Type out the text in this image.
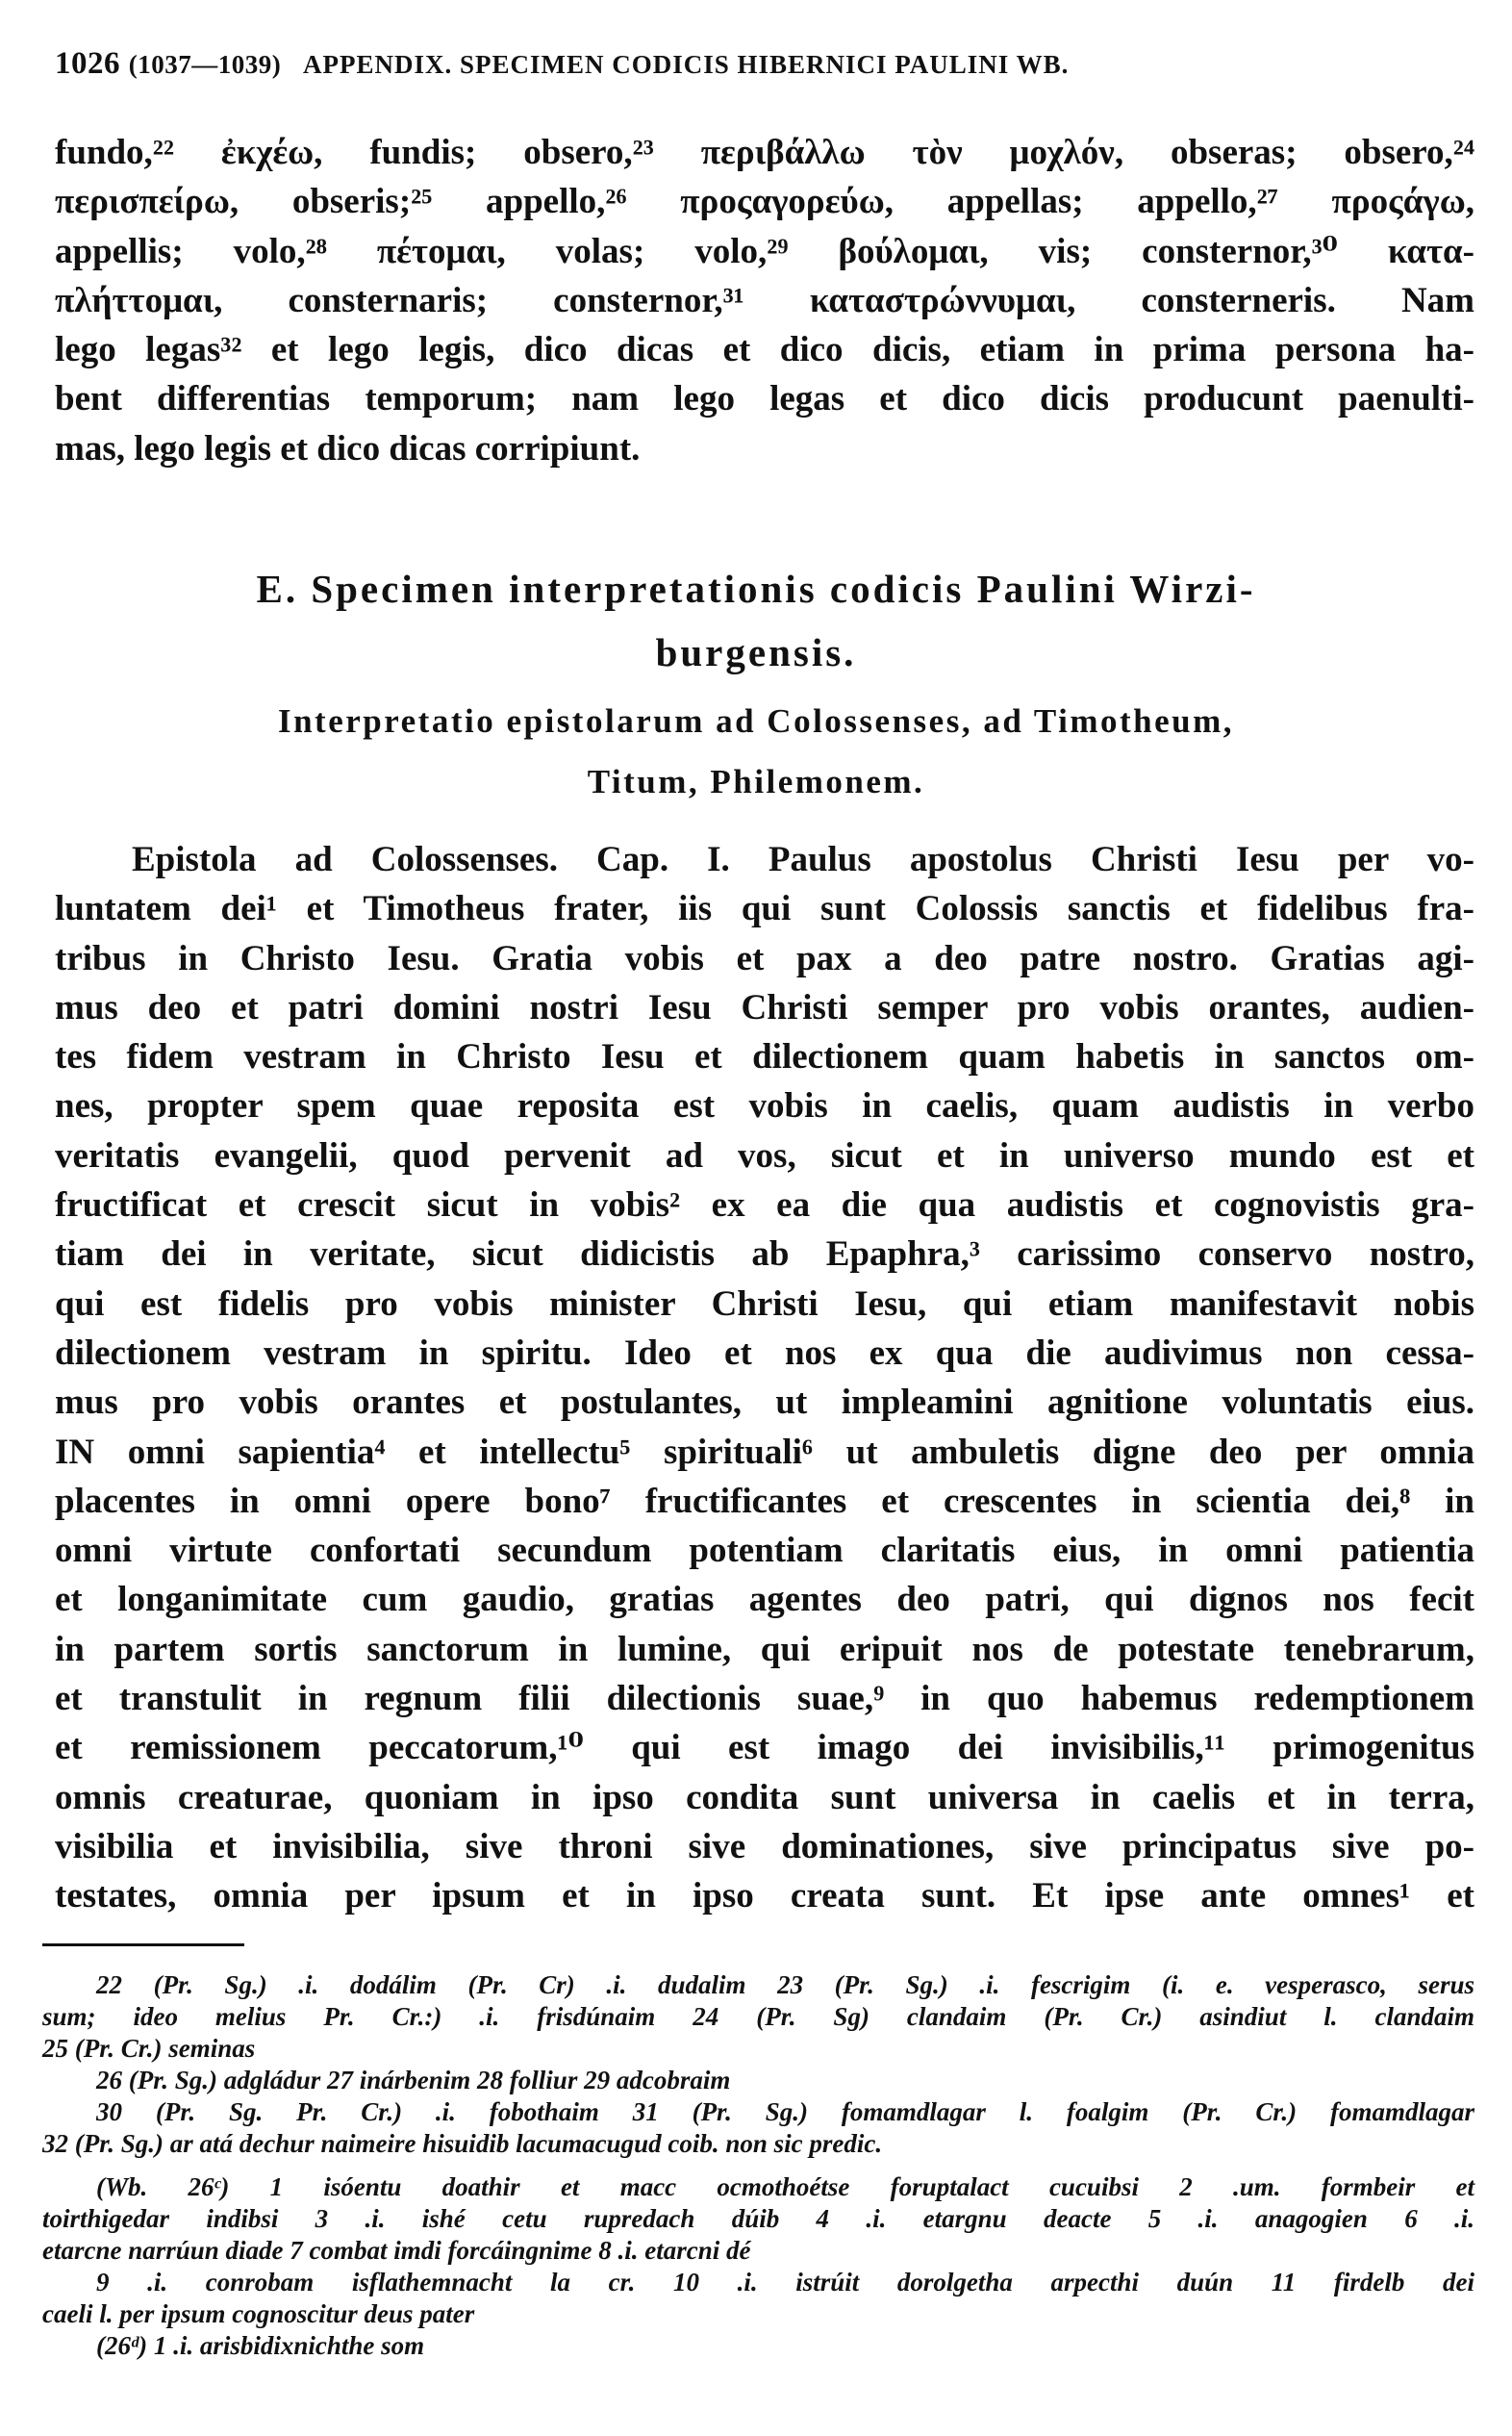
1026 (1037—1039) APPENDIX. SPECIMEN CODICIS HIBERNICI PAULINI WB.
fundo,²² ἐκχέω, fundis; obsero,²³ περιβάλλω τὸν μοχλόν, obseras; obsero,²⁴
περισπείρω, obseris;²⁵ appello,²⁶ προςαγορεύω, appellas; appello,²⁷ προςάγω,
appellis; volo,²⁸ πέτομαι, volas; volo,²⁹ βούλομαι, vis; consternor,³⁰ κατα-
πλήττομαι, consternaris; consternor,³¹ καταστρώννυμαι, consterneris. Nam
lego legas³² et lego legis, dico dicas et dico dicis, etiam in prima persona ha-
bent differentias temporum; nam lego legas et dico dicis producunt paenulti-
mas, lego legis et dico dicas corripiunt.
E. Specimen interpretationis codicis Paulini Wirzi-
burgensis.
Interpretatio epistolarum ad Colossenses, ad Timotheum,
Titum, Philemonem.
Epistola ad Colossenses. Cap. I. Paulus apostolus Christi Iesu per vo-
luntatem dei¹ et Timotheus frater, iis qui sunt Colossis sanctis et fidelibus fra-
tribus in Christo Iesu. Gratia vobis et pax a deo patre nostro. Gratias agi-
mus deo et patri domini nostri Iesu Christi semper pro vobis orantes, audien-
tes fidem vestram in Christo Iesu et dilectionem quam habetis in sanctos om-
nes, propter spem quae reposita est vobis in caelis, quam audistis in verbo
veritatis evangelii, quod pervenit ad vos, sicut et in universo mundo est et
fructificat et crescit sicut in vobis² ex ea die qua audistis et cognovistis gra-
tiam dei in veritate, sicut didicistis ab Epaphra,³ carissimo conservo nostro,
qui est fidelis pro vobis minister Christi Iesu, qui etiam manifestavit nobis
dilectionem vestram in spiritu. Ideo et nos ex qua die audivimus non cessa-
mus pro vobis orantes et postulantes, ut impleamini agnitione voluntatis eius.
IN omni sapientia⁴ et intellectu⁵ spirituali⁶ ut ambuletis digne deo per omnia
placentes in omni opere bono⁷ fructificantes et crescentes in scientia dei,⁸ in
omni virtute confortati secundum potentiam claritatis eius, in omni patientia
et longanimitate cum gaudio, gratias agentes deo patri, qui dignos nos fecit
in partem sortis sanctorum in lumine, qui eripuit nos de potestate tenebrarum,
et transtulit in regnum filii dilectionis suae,⁹ in quo habemus redemptionem
et remissionem peccatorum,¹⁰ qui est imago dei invisibilis,¹¹ primogenitus
omnis creaturae, quoniam in ipso condita sunt universa in caelis et in terra,
visibilia et invisibilia, sive throni sive dominationes, sive principatus sive po-
testates, omnia per ipsum et in ipso creata sunt. Et ipse ante omnes¹ et
22 (Pr. Sg.) .i. dodálim (Pr. Cr) .i. dudalim 23 (Pr. Sg.) .i. fescrigim (i. e. vesperasco, serus
sum; ideo melius Pr. Cr.:) .i. frisdúnaim 24 (Pr. Sg) clandaim (Pr. Cr.) asindiut l. clandaim
25 (Pr. Cr.) seminas
26 (Pr. Sg.) adgládur 27 inárbenim 28 folliur 29 adcobraim
30 (Pr. Sg. Pr. Cr.) .i. fobothaim 31 (Pr. Sg.) fomamdlagar l. foalgim (Pr. Cr.) fomamdlagar
32 (Pr. Sg.) ar atá dechur naimeire hisuidib lacumacugud coib. non sic predic.
(Wb. 26ᶜ) 1 isóentu doathir et macc ocmothoétse foruptalact cucuibsi 2 .um. formbeir et
toirthigedar indibsi 3 .i. ishé cetu rupredach dúib 4 .i. etargnu deacte 5 .i. anagogien 6 .i.
etarcne narrúun diade 7 combat imdi forcáingnime 8 .i. etarcni dé
9 .i. conrobam isflathemnacht la cr. 10 .i. istrúit dorolgetha arpecthi duún 11 firdelb dei
caeli l. per ipsum cognoscitur deus pater
(26ᵈ) 1 .i. arisbidixnichthe som
